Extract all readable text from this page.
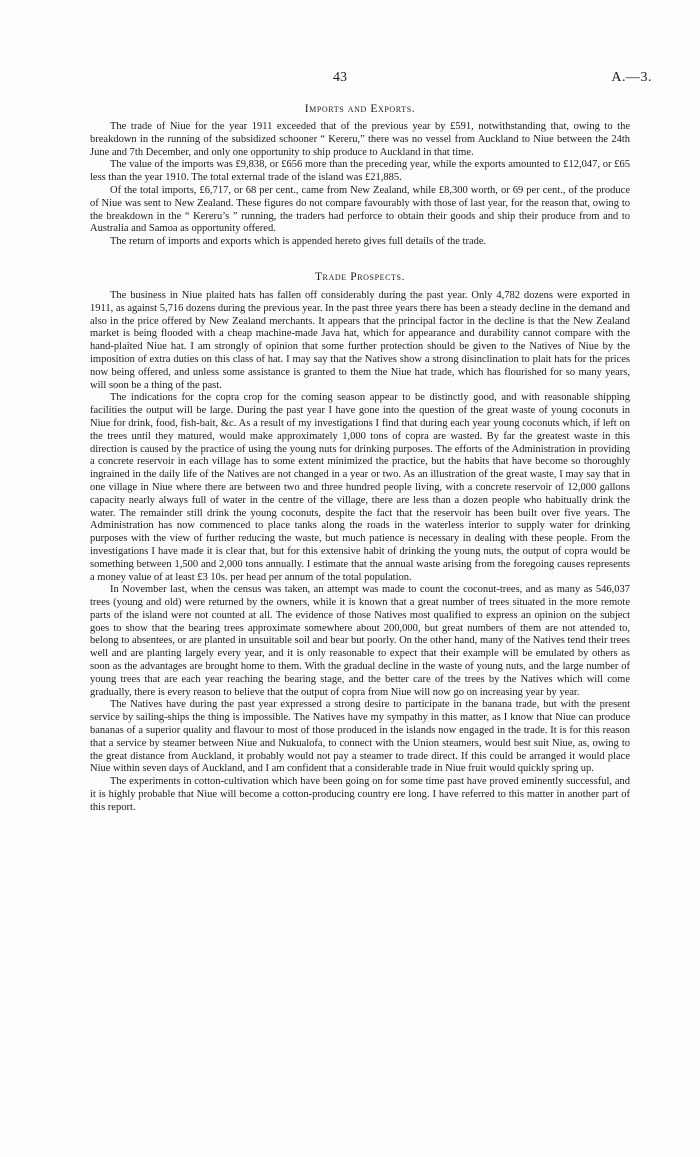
43	A.—3.
Imports and Exports.

The trade of Niue for the year 1911 exceeded that of the previous year by £591, notwithstanding that, owing to the breakdown in the running of the subsidized schooner “ Kereru,” there was no vessel from Auckland to Niue between the 24th June and 7th December, and only one opportunity to ship produce to Auckland in that time.

The value of the imports was £9,838, or £656 more than the preceding year, while the exports amounted to £12,047, or £65 less than the year 1910. The total external trade of the island was £21,885.

Of the total imports, £6,717, or 68 per cent., came from New Zealand, while £8,300 worth, or 69 per cent., of the produce of Niue was sent to New Zealand. These figures do not compare favourably with those of last year, for the reason that, owing to the breakdown in the “ Kereru’s ” running, the traders had perforce to obtain their goods and ship their produce from and to Australia and Samoa as opportunity offered.

The return of imports and exports which is appended hereto gives full details of the trade.

Trade Prospects.

The business in Niue plaited hats has fallen off considerably during the past year. Only 4,782 dozens were exported in 1911, as against 5,716 dozens during the previous year. In the past three years there has been a steady decline in the demand and also in the price offered by New Zealand merchants. It appears that the principal factor in the decline is that the New Zealand market is being flooded with a cheap machine-made Java hat, which for appearance and durability cannot compare with the hand-plaited Niue hat. I am strongly of opinion that some further protection should be given to the Natives of Niue by the imposition of extra duties on this class of hat. I may say that the Natives show a strong disinclination to plait hats for the prices now being offered, and unless some assistance is granted to them the Niue hat trade, which has flourished for so many years, will soon be a thing of the past.

The indications for the copra crop for the coming season appear to be distinctly good, and with reasonable shipping facilities the output will be large. During the past year I have gone into the question of the great waste of young coconuts in Niue for drink, food, fish-bait, &c. As a result of my investigations I find that during each year young coconuts which, if left on the trees until they matured, would make approximately 1,000 tons of copra are wasted. By far the greatest waste in this direction is caused by the practice of using the young nuts for drinking purposes. The efforts of the Administration in providing a concrete reservoir in each village has to some extent minimized the practice, but the habits that have become so thoroughly ingrained in the daily life of the Natives are not changed in a year or two. As an illustration of the great waste, I may say that in one village in Niue where there are between two and three hundred people living, with a concrete reservoir of 12,000 gallons capacity nearly always full of water in the centre of the village, there are less than a dozen people who habitually drink the water. The remainder still drink the young coconuts, despite the fact that the reservoir has been built over five years. The Administration has now commenced to place tanks along the roads in the waterless interior to supply water for drinking purposes with the view of further reducing the waste, but much patience is necessary in dealing with these people. From the investigations I have made it is clear that, but for this extensive habit of drinking the young nuts, the output of copra would be something between 1,500 and 2,000 tons annually. I estimate that the annual waste arising from the foregoing causes represents a money value of at least £3 10s. per head per annum of the total population.

In November last, when the census was taken, an attempt was made to count the coconut-trees, and as many as 546,037 trees (young and old) were returned by the owners, while it is known that a great number of trees situated in the more remote parts of the island were not counted at all. The evidence of those Natives most qualified to express an opinion on the subject goes to show that the bearing trees approximate somewhere about 200,000, but great numbers of them are not attended to, belong to absentees, or are planted in unsuitable soil and bear but poorly. On the other hand, many of the Natives tend their trees well and are planting largely every year, and it is only reasonable to expect that their example will be emulated by others as soon as the advantages are brought home to them. With the gradual decline in the waste of young nuts, and the large number of young trees that are each year reaching the bearing stage, and the better care of the trees by the Natives which will come gradually, there is every reason to believe that the output of copra from Niue will now go on increasing year by year.

The Natives have during the past year expressed a strong desire to participate in the banana trade, but with the present service by sailing-ships the thing is impossible. The Natives have my sympathy in this matter, as I know that Niue can produce bananas of a superior quality and flavour to most of those produced in the islands now engaged in the trade. It is for this reason that a service by steamer between Niue and Nukualofa, to connect with the Union steamers, would best suit Niue, as, owing to the great distance from Auckland, it probably would not pay a steamer to trade direct. If this could be arranged it would place Niue within seven days of Auckland, and I am confident that a considerable trade in Niue fruit would quickly spring up.

The experiments in cotton-cultivation which have been going on for some time past have proved eminently successful, and it is highly probable that Niue will become a cotton-producing country ere long. I have referred to this matter in another part of this report.
